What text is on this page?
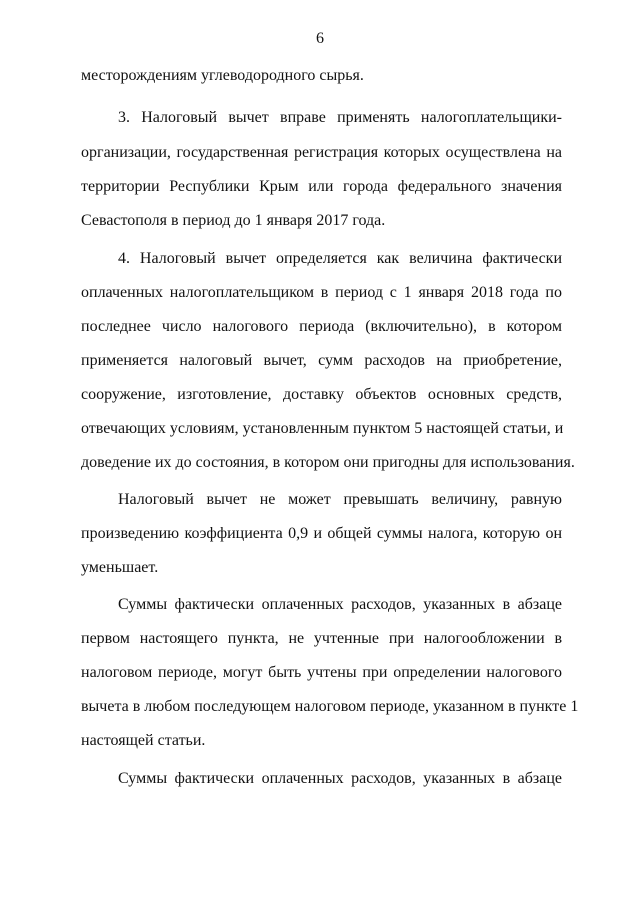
6
месторождениям углеводородного сырья.
3. Налоговый вычет вправе применять налогоплательщики-
организации, государственная регистрация которых осуществлена на
территории Республики Крым или города федерального значения
Севастополя в период до 1 января 2017 года.
4. Налоговый вычет определяется как величина фактически
оплаченных налогоплательщиком в период с 1 января 2018 года по
последнее число налогового периода (включительно), в котором
применяется налоговый вычет, сумм расходов на приобретение,
сооружение, изготовление, доставку объектов основных средств,
отвечающих условиям, установленным пунктом 5 настоящей статьи, и
доведение их до состояния, в котором они пригодны для использования.
Налоговый вычет не может превышать величину, равную
произведению коэффициента 0,9 и общей суммы налога, которую он
уменьшает.
Суммы фактически оплаченных расходов, указанных в абзаце
первом настоящего пункта, не учтенные при налогообложении в
налоговом периоде, могут быть учтены при определении налогового
вычета в любом последующем налоговом периоде, указанном в пункте 1
настоящей статьи.
Суммы фактически оплаченных расходов, указанных в абзаце
